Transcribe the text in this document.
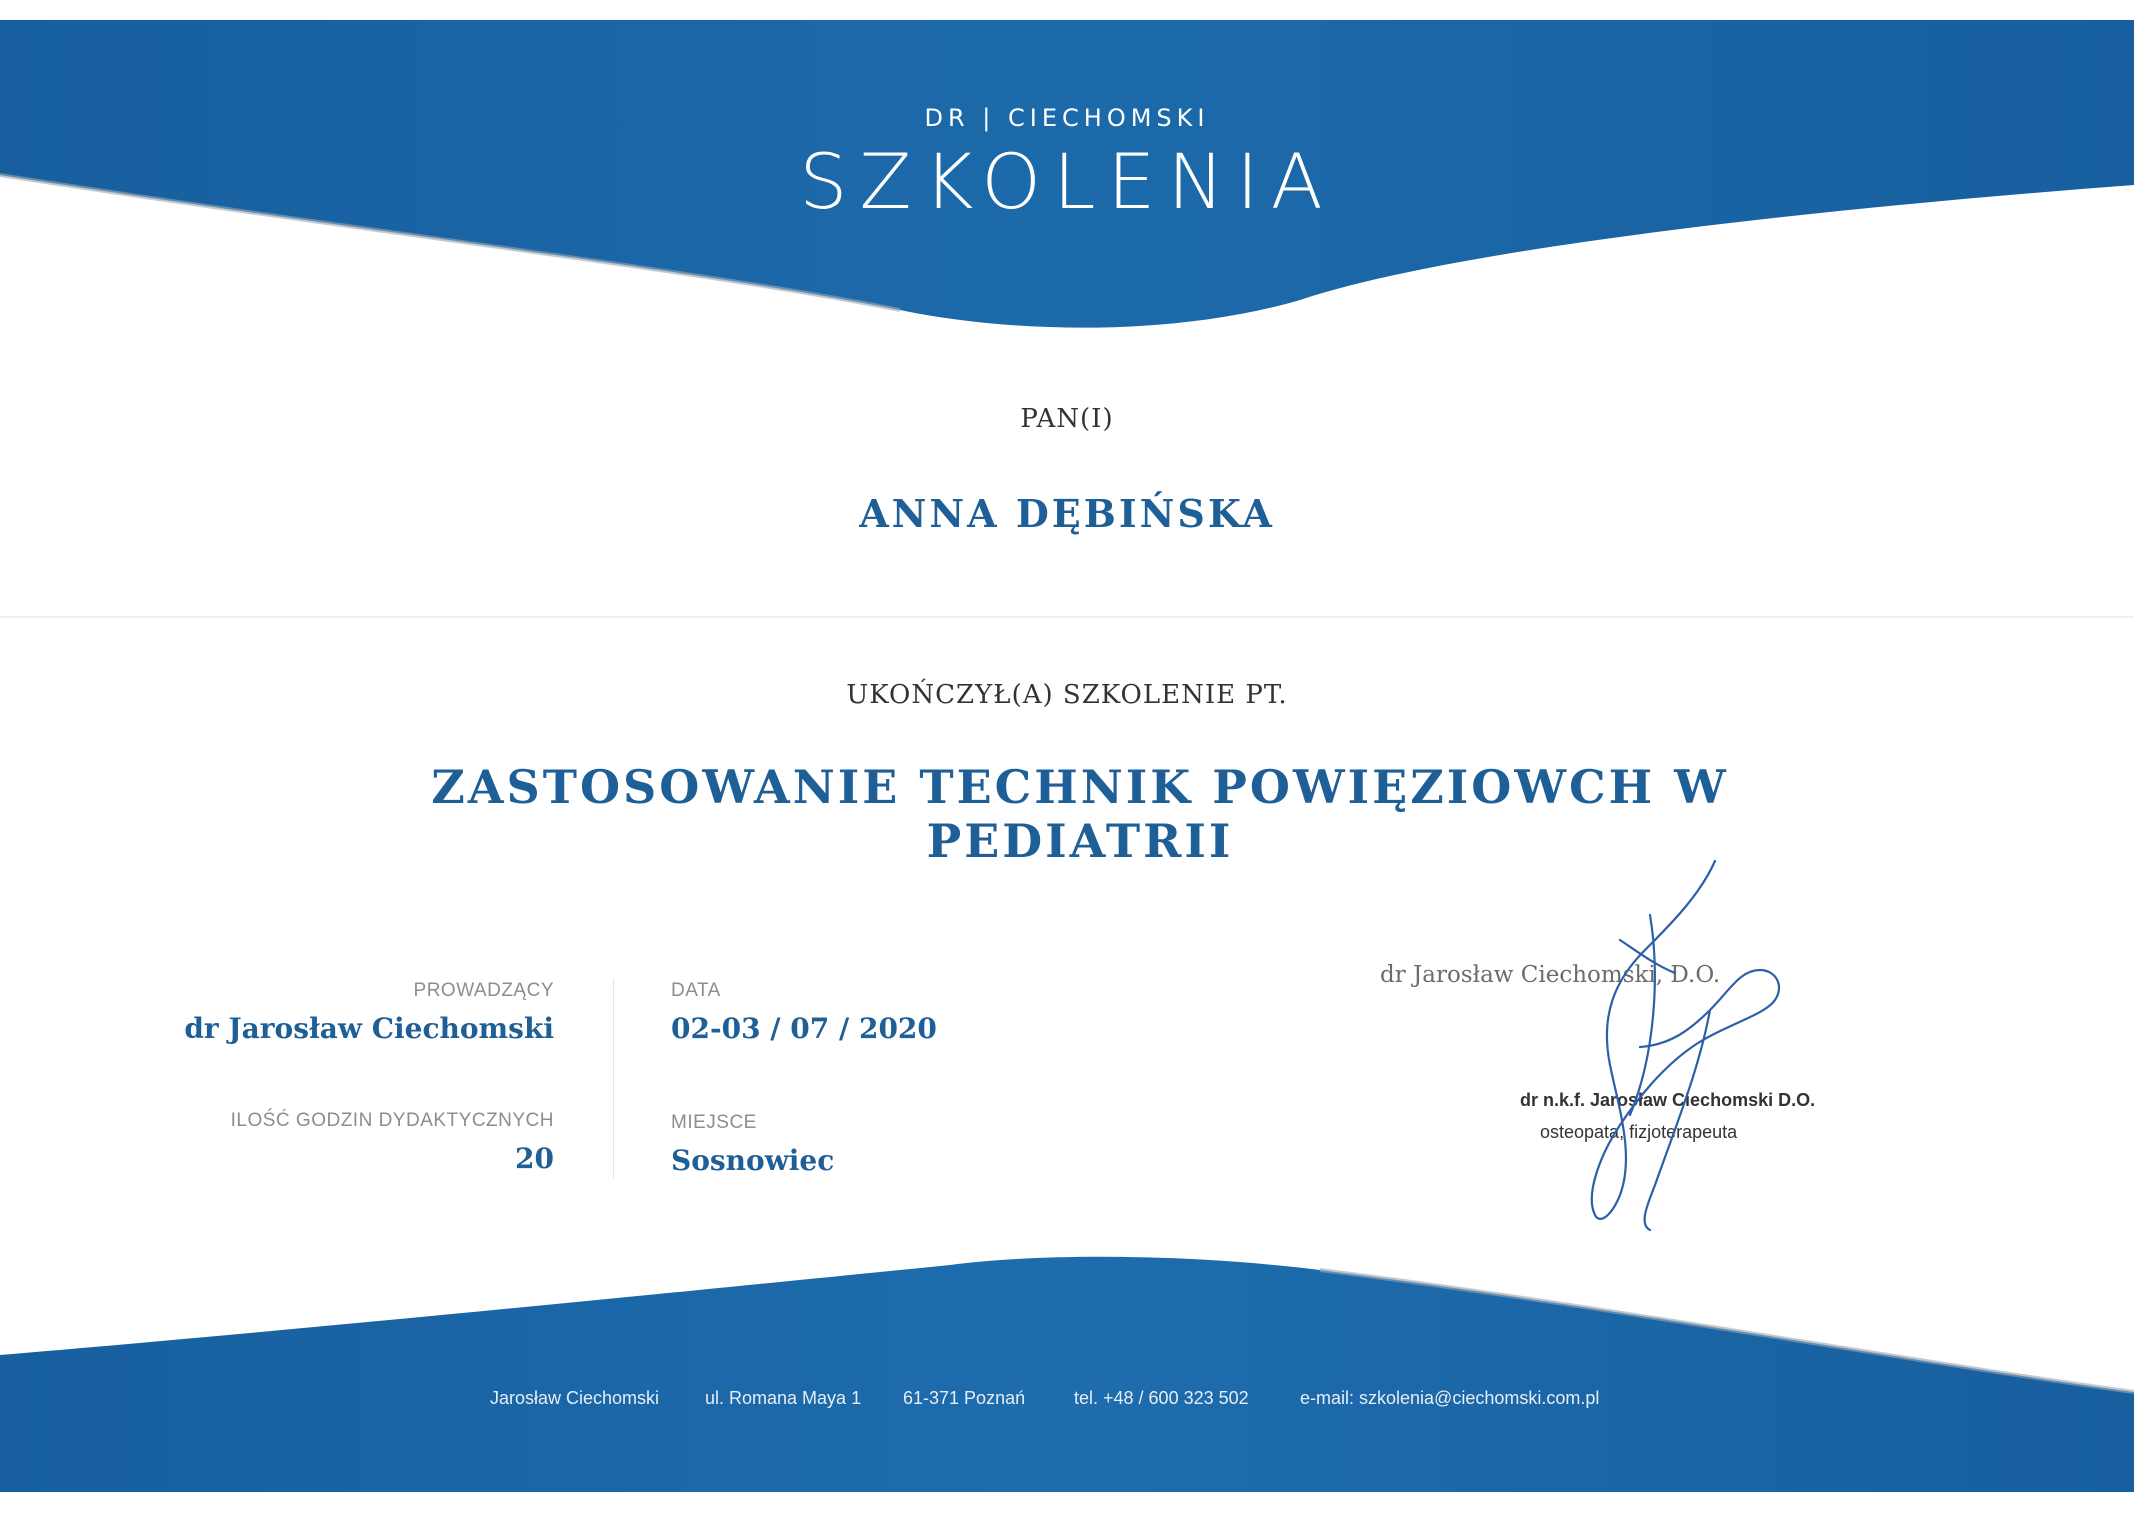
DR | CIECHOMSKI
SZKOLENIA
PAN(I)
ANNA DĘBIŃSKA
UKOŃCZYŁ(A) SZKOLENIE PT.
ZASTOSOWANIE TECHNIK POWIĘZIOWCH W PEDIATRII
PROWADZĄCY
dr Jarosław Ciechomski
ILOŚĆ GODZIN DYDAKTYCZNYCH
20
DATA
02-03 / 07 / 2020
MIEJSCE
Sosnowiec
dr Jarosław Ciechomski, D.O.
dr n.k.f. Jarosław Ciechomski D.O.
osteopata, fizjoterapeuta
Jarosław Ciechomski	ul. Romana Maya 1 61-371 Poznań	tel. +48 / 600 323 502	e-mail: szkolenia@ciechomski.com.pl
